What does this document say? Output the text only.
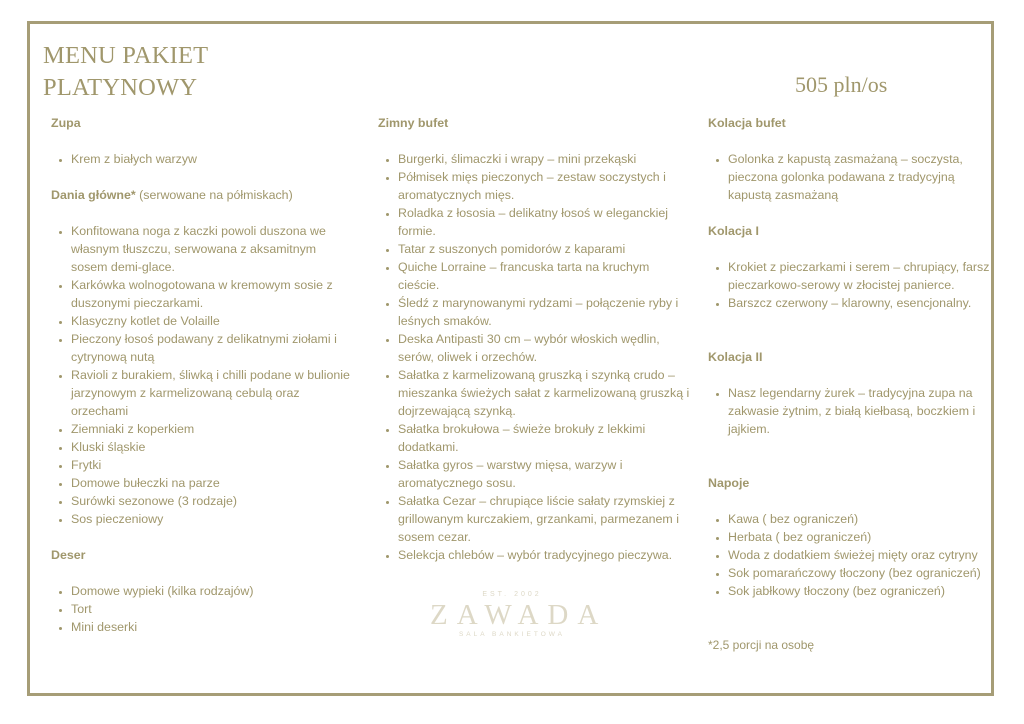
MENU PAKIET
PLATYNOWY	505 pln/os

Zupa

• Krem z białych warzyw

Dania główne* (serwowane na półmiskach)

• Konfitowana noga z kaczki powoli duszona we własnym tłuszczu, serwowana z aksamitnym sosem demi-glace.
• Karkówka wolnogotowana w kremowym sosie z duszonymi pieczarkami.
• Klasyczny kotlet de Volaille
• Pieczony łosoś podawany z delikatnymi ziołami i cytrynową nutą
• Ravioli z burakiem, śliwką i chilli podane w bulionie jarzynowym z karmelizowaną cebulą oraz orzechami
• Ziemniaki z koperkiem
• Kluski śląskie
• Frytki
• Domowe bułeczki na parze
• Surówki sezonowe (3 rodzaje)
• Sos pieczeniowy

Deser

• Domowe wypieki (kilka rodzajów)
• Tort
• Mini deserki

Zimny bufet

• Burgerki, ślimaczki i wrapy – mini przekąski
• Półmisek mięs pieczonych – zestaw soczystych i aromatycznych mięs.
• Roladka z łososia – delikatny łosoś w eleganckiej formie.
• Tatar z suszonych pomidorów z kaparami
• Quiche Lorraine – francuska tarta na kruchym cieście.
• Śledź z marynowanymi rydzami – połączenie ryby i leśnych smaków.
• Deska Antipasti 30 cm – wybór włoskich wędlin, serów, oliwek i orzechów.
• Sałatka z karmelizowaną gruszką i szynką crudo – mieszanka świeżych sałat z karmelizowaną gruszką i dojrzewającą szynką.
• Sałatka brokułowa – świeże brokuły z lekkimi dodatkami.
• Sałatka gyros – warstwy mięsa, warzyw i aromatycznego sosu.
• Sałatka Cezar – chrupiące liście sałaty rzymskiej z grillowanym kurczakiem, grzankami, parmezanem i sosem cezar.
• Selekcja chlebów – wybór tradycyjnego pieczywa.

Kolacja bufet

• Golonka z kapustą zasmażaną – soczysta, pieczona golonka podawana z tradycyjną kapustą zasmażaną

Kolacja I

• Krokiet z pieczarkami i serem – chrupiący, farsz pieczarkowo-serowy w złocistej panierce.
• Barszcz czerwony – klarowny, esencjonalny.

Kolacja II

• Nasz legendarny żurek – tradycyjna zupa na zakwasie żytnim, z białą kiełbasą, boczkiem i jajkiem.

Napoje

• Kawa ( bez ograniczeń)
• Herbata ( bez ograniczeń)
• Woda z dodatkiem świeżej mięty oraz cytryny
• Sok pomarańczowy tłoczony (bez ograniczeń)
• Sok jabłkowy tłoczony (bez ograniczeń)

*2,5 porcji na osobę

EST. 2002
ZAWADA
SALA BANKIETOWA
